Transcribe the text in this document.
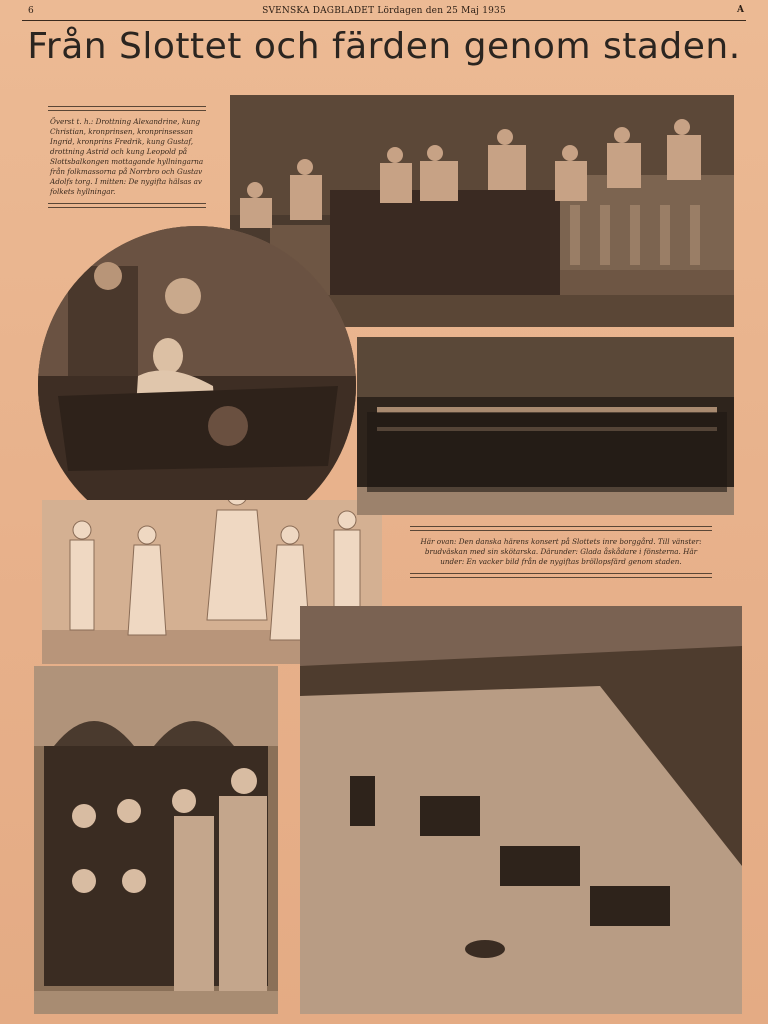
6	SVENSKA DAGBLADET Lördagen den 25 Maj 1935	A
Från Slottet och färden genom staden.
Överst t. h.: Drottning Alexandrine, kung Christian, kronprinsen, kronprinsessan Ingrid, kronprins Fredrik, kung Gustaf, drottning Astrid och kung Leopold på Slottsbalkongen mottagande hyllningarna från folkmassorna på Norrbro och Gustav Adolfs torg. I mitten: De nygifta hälsas av folkets hyllningar.
Här ovan: Den danska härens konsert på Slottets inre borggård. Till vänster: brudväskan med sin skötarska. Därunder: Glada åskådare i fönsterna. Här under: En vacker bild från de nygiftas bröllopsfärd genom staden.
